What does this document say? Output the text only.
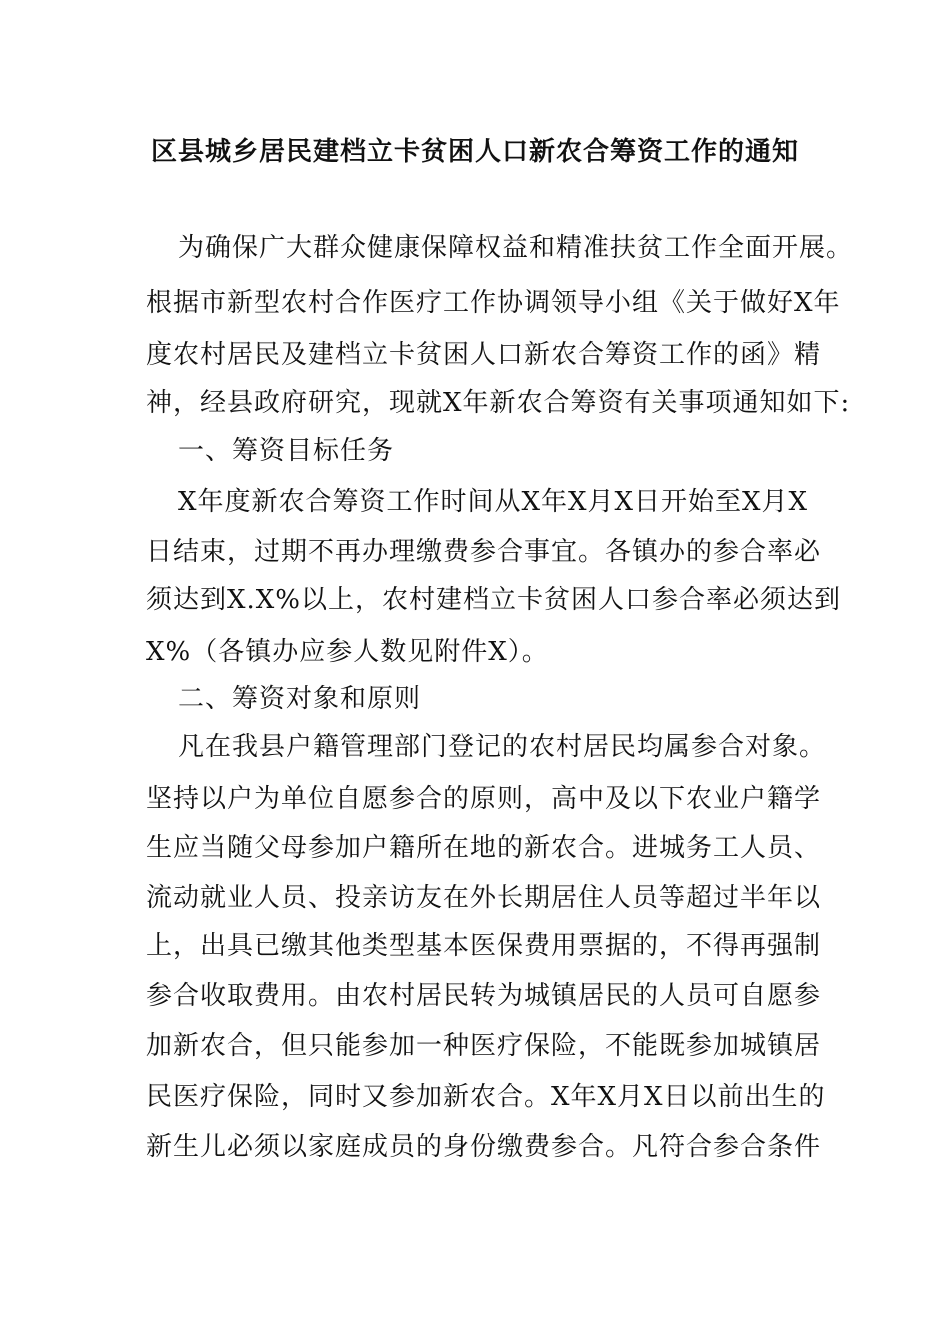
区县城乡居民建档立卡贫困人口新农合筹资工作的通知
为确保广大群众健康保障权益和精准扶贫工作全面开展。
根据市新型农村合作医疗工作协调领导小组《关于做好X年
度农村居民及建档立卡贫困人口新农合筹资工作的函》精
神，经县政府研究，现就X年新农合筹资有关事项通知如下:
一、筹资目标任务
X年度新农合筹资工作时间从X年X月X日开始至X月X
日结束，过期不再办理缴费参合事宜。各镇办的参合率必
须达到X.X%以上，农村建档立卡贫困人口参合率必须达到
X%（各镇办应参人数见附件X）。
二、筹资对象和原则
凡在我县户籍管理部门登记的农村居民均属参合对象。
坚持以户为单位自愿参合的原则，高中及以下农业户籍学
生应当随父母参加户籍所在地的新农合。进城务工人员、
流动就业人员、投亲访友在外长期居住人员等超过半年以
上，出具已缴其他类型基本医保费用票据的，不得再强制
参合收取费用。由农村居民转为城镇居民的人员可自愿参
加新农合，但只能参加一种医疗保险，不能既参加城镇居
民医疗保险，同时又参加新农合。X年X月X日以前出生的
新生儿必须以家庭成员的身份缴费参合。凡符合参合条件
